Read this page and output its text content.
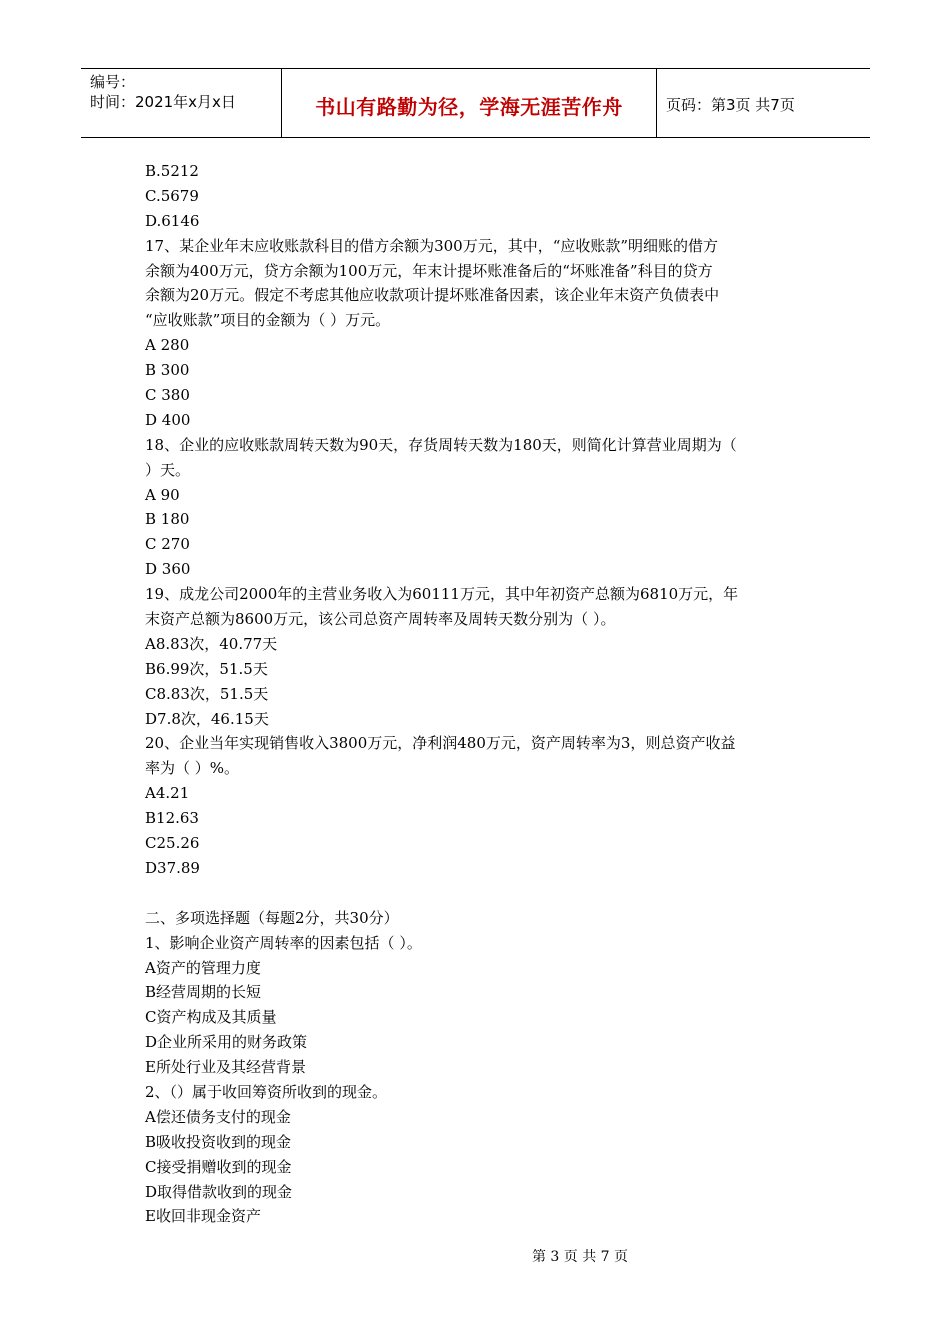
编号：
时间：2021年x月x日	书山有路勤为径，学海无涯苦作舟	页码：第3页 共7页
B.5212
C.5679
D.6146
17、某企业年末应收账款科目的借方余额为300万元，其中，“应收账款”明细账的借方
余额为400万元，贷方余额为100万元，年末计提坏账准备后的“坏账准备”科目的贷方
余额为20万元。假定不考虑其他应收款项计提坏账准备因素，该企业年末资产负债表中
“应收账款”项目的金额为（ ）万元。
A 280
B 300
C 380
D 400
18、企业的应收账款周转天数为90天，存货周转天数为180天，则简化计算营业周期为（
）天。
A 90
B 180
C 270
D 360
19、成龙公司2000年的主营业务收入为60111万元，其中年初资产总额为6810万元，年
末资产总额为8600万元，该公司总资产周转率及周转天数分别为（ ）。
A8.83次，40.77天
B6.99次，51.5天
C8.83次，51.5天
D7.8次，46.15天
20、企业当年实现销售收入3800万元，净利润480万元，资产周转率为3，则总资产收益
率为（ ）%。
A4.21
B12.63
C25.26
D37.89
二、多项选择题（每题2分，共30分）
1、影响企业资产周转率的因素包括（ ）。
A资产的管理力度
B经营周期的长短
C资产构成及其质量
D企业所采用的财务政策
E所处行业及其经营背景
2、（）属于收回筹资所收到的现金。
A偿还债务支付的现金
B吸收投资收到的现金
C接受捐赠收到的现金
D取得借款收到的现金
E收回非现金资产
第 3 页 共 7 页
